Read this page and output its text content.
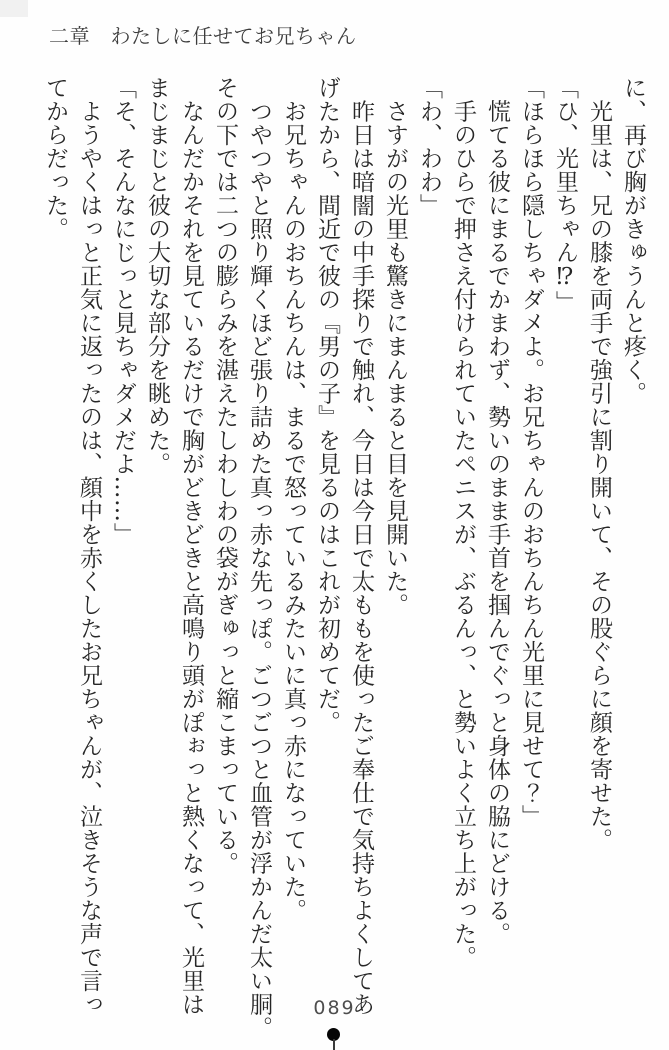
二章　わたしに任せてお兄ちゃん

に、再び胸がきゅうんと疼く。

　光里は、兄の膝を両手で強引に割り開いて、その股ぐらに顔を寄せた。

「ひ、光里ちゃん⁉」

「ほらほら隠しちゃダメよ。お兄ちゃんのおちんちん光里に見せて？」

　慌てる彼にまるでかまわず、勢いのまま手首を掴んでぐっと身体の脇にどける。

　手のひらで押さえ付けられていたペニスが、ぶるんっ、と勢いよく立ち上がった。

「わ、わわ」

　さすがの光里も驚きにまんまると目を見開いた。

　昨日は暗闇の中手探りで触れ、今日は今日で太ももを使ったご奉仕で気持ちよくしてあ

げたから、間近で彼の『男の子』を見るのはこれが初めてだ。

　お兄ちゃんのおちんちんは、まるで怒っているみたいに真っ赤になっていた。

　つやつやと照り輝くほど張り詰めた真っ赤な先っぽ。ごつごつと血管が浮かんだ太い胴。

その下では二つの膨らみを湛えたしわしわの袋がぎゅっと縮こまっている。

　なんだかそれを見ているだけで胸がどきどきと高鳴り頭がぽぉっと熱くなって、光里は

まじまじと彼の大切な部分を眺めた。

「そ、そんなにじっと見ちゃダメだよ……」

　ようやくはっと正気に返ったのは、顔中を赤くしたお兄ちゃんが、泣きそうな声で言っ

てからだった。

089
